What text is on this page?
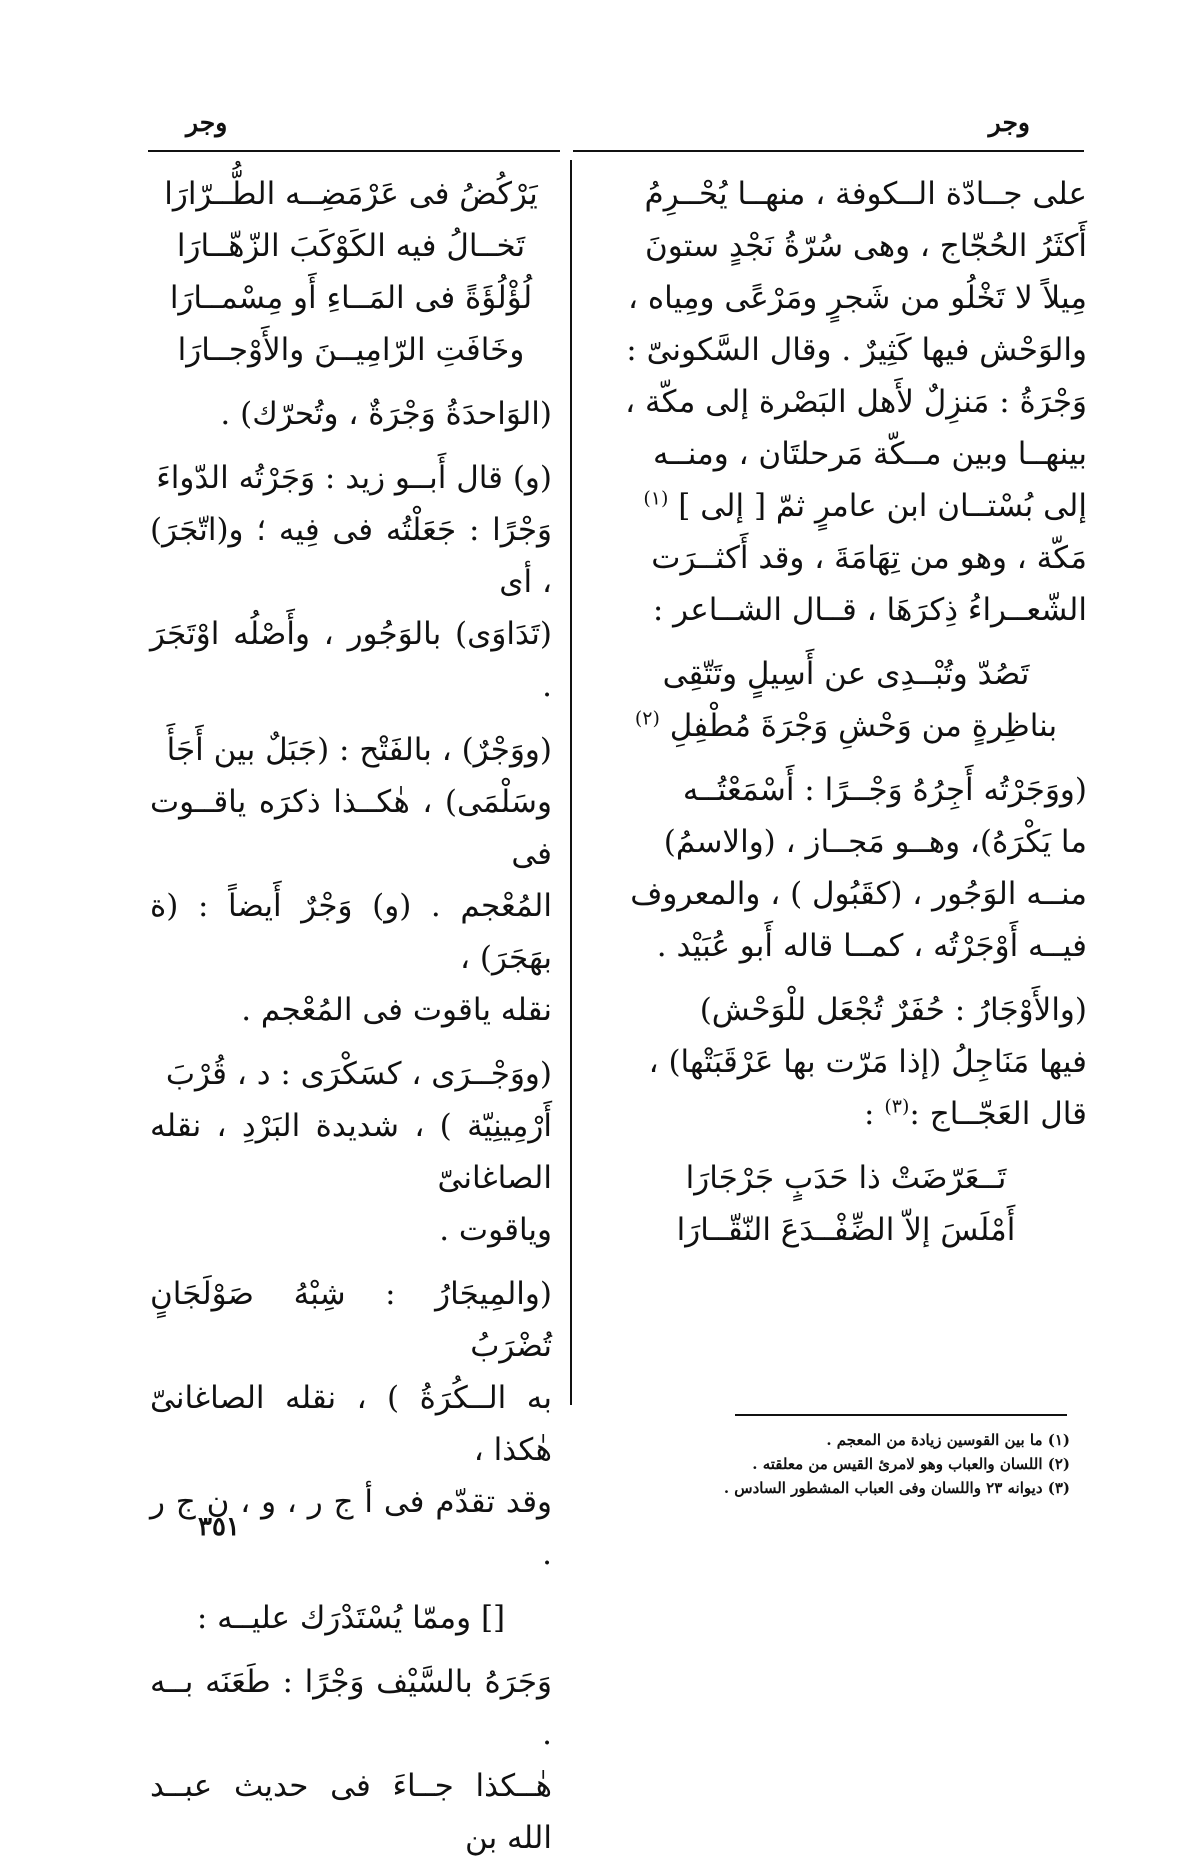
وجر
وجر

على جــادّة الــكوفة ، منهــا يُحْــرِمُ

أَكثَرُ الحُجّاج ، وهى سُرّةُ نَجْدٍ ستونَ

مِيلاً لا تَخْلُو من شَجرٍ ومَرْعًى ومِياه ،

والوَحْش فيها كَثِيرٌ . وقال السَّكونىّ :

وَجْرَةُ : مَنزِلٌ لأَهل البَصْرة إلى مكّة ،

بينهــا وبين مــكّة مَرحلتَان ، ومنــه

إلى بُسْتــان ابن عامرٍ ثمّ [ إلى ] $^{(١)}$

مَكّة ، وهو من تِهَامَةَ ، وقد أَكثــرَت

الشّعــراءُ ذِكرَهَا ، قــال الشــاعر :

تَصُدّ وتُبْــدِى عن أَسِيلٍ وتَتّقِى
بناظِرةٍ من وَحْشِ وَجْرَةَ مُطْفِلِ $^{(٢)}$

(ووَجَرْتُه أَجِرُهُ وَجْــرًا : أَسْمَعْتُــه

ما يَكْرَهُ)، وهــو مَجــاز ، (والاسمُ)

منــه الوَجُور ، (كقَبُول ) ، والمعروف

فيــه أَوْجَرْتُه ، كمــا قاله أَبو عُبَيْد .

(والأَوْجَارُ : حُفَرٌ تُجْعَل للْوَحْش)

فيها مَنَاجِلُ (إذا مَرّت بها عَرْقَبَتْها) ،

قال العَجّــاج :$^{(٣)}$ :

تَــعَرّضَتْ ذا حَدَبٍ جَرْجَارَا
أَمْلَسَ إلاّ الضِّفْــدَعَ النّقّــارَا

يَرْكُضُ فى عَرْمَضِــه الطُّــرّارَا
تَخــالُ فيه الكَوْكَبَ الزّهّــارَا
لُؤْلُؤَةً فى المَــاءِ أَو مِسْمــارَا
وخَافَتِ الرّامِيــنَ والأَوْجــارَا

(الوَاحدَةُ وَجْرَةٌ ، وتُحرّك) .

(و) قال أَبــو زيد : وَجَرْتُه الدّواءَ

وَجْرًا : جَعَلْتُه فى فِيه ؛ و(اتّجَرَ) ، أى

(تَدَاوَى) بالوَجُور ، وأَصْلُه اوْتَجَرَ .

(ووَجْرٌ) ، بالفَتْح : (جَبَلٌ بين أَجَأَ

وسَلْمَى) ، هٰكــذا ذكرَه ياقــوت فى

المُعْجم . (و) وَجْرٌ أَيضاً : (ة بهَجَرَ) ،

نقله ياقوت فى المُعْجم .

(ووَجْــرَى ، كسَكْرَى : د ، قُرْبَ

أَرْمِينِيّة ) ، شديدة البَرْدِ ، نقله الصاغانىّ

وياقوت .

(والمِيجَارُ : شِبْهُ صَوْلَجَانٍ تُضْرَبُ

به الــكُرَةُ ) ، نقله الصاغانىّ هٰكذا ،

وقد تقدّم فى أ ج ر ، و ، ن ج ر .

[] وممّا يُسْتَدْرَك عليــه :

وَجَرَهُ بالسَّيْف وَجْرًا : طَعَنَه بــه .

هٰــكذا جــاءَ فى حديث عبــد الله بن

(١) ما بين القوسين زيادة من المعجم .
(٢) اللسان والعباب وهو لامرئ القيس من معلقته .
(٣) ديوانه ٢٣ واللسان وفى العباب المشطور السادس .
٣٥١
